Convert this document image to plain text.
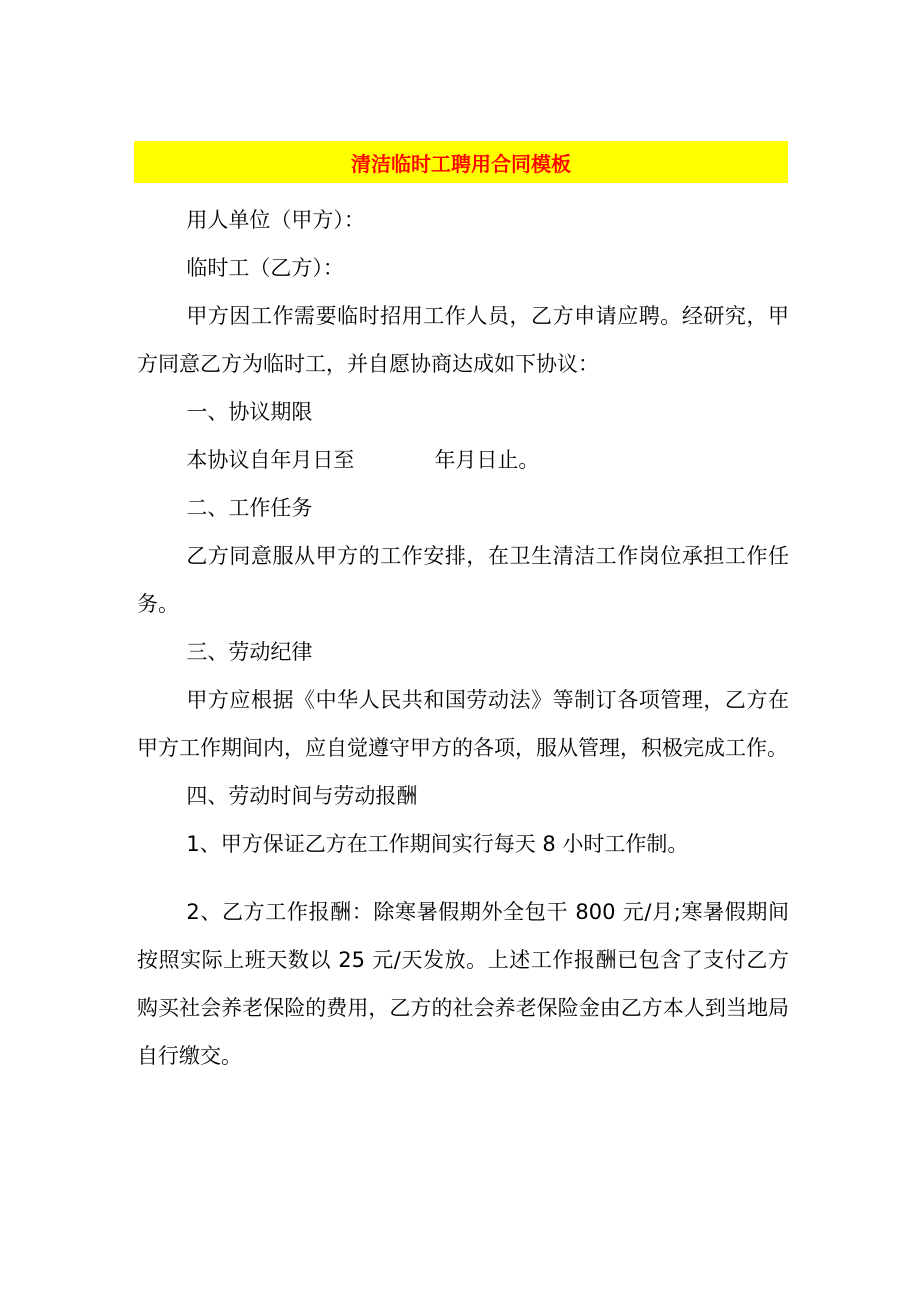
清洁临时工聘用合同模板

用人单位（甲方）：

临时工（乙方）：

甲方因工作需要临时招用工作人员，乙方申请应聘。经研究，甲方同意乙方为临时工，并自愿协商达成如下协议：

一、协议期限

本协议自年月日至	年月日止。

二、工作任务

乙方同意服从甲方的工作安排，在卫生清洁工作岗位承担工作任务。

三、劳动纪律

甲方应根据《中华人民共和国劳动法》等制订各项管理，乙方在甲方工作期间内，应自觉遵守甲方的各项，服从管理，积极完成工作。

四、劳动时间与劳动报酬

1、甲方保证乙方在工作期间实行每天 8 小时工作制。

2、乙方工作报酬：除寒暑假期外全包干 800 元/月;寒暑假期间按照实际上班天数以 25 元/天发放。上述工作报酬已包含了支付乙方购买社会养老保险的费用，乙方的社会养老保险金由乙方本人到当地局自行缴交。
